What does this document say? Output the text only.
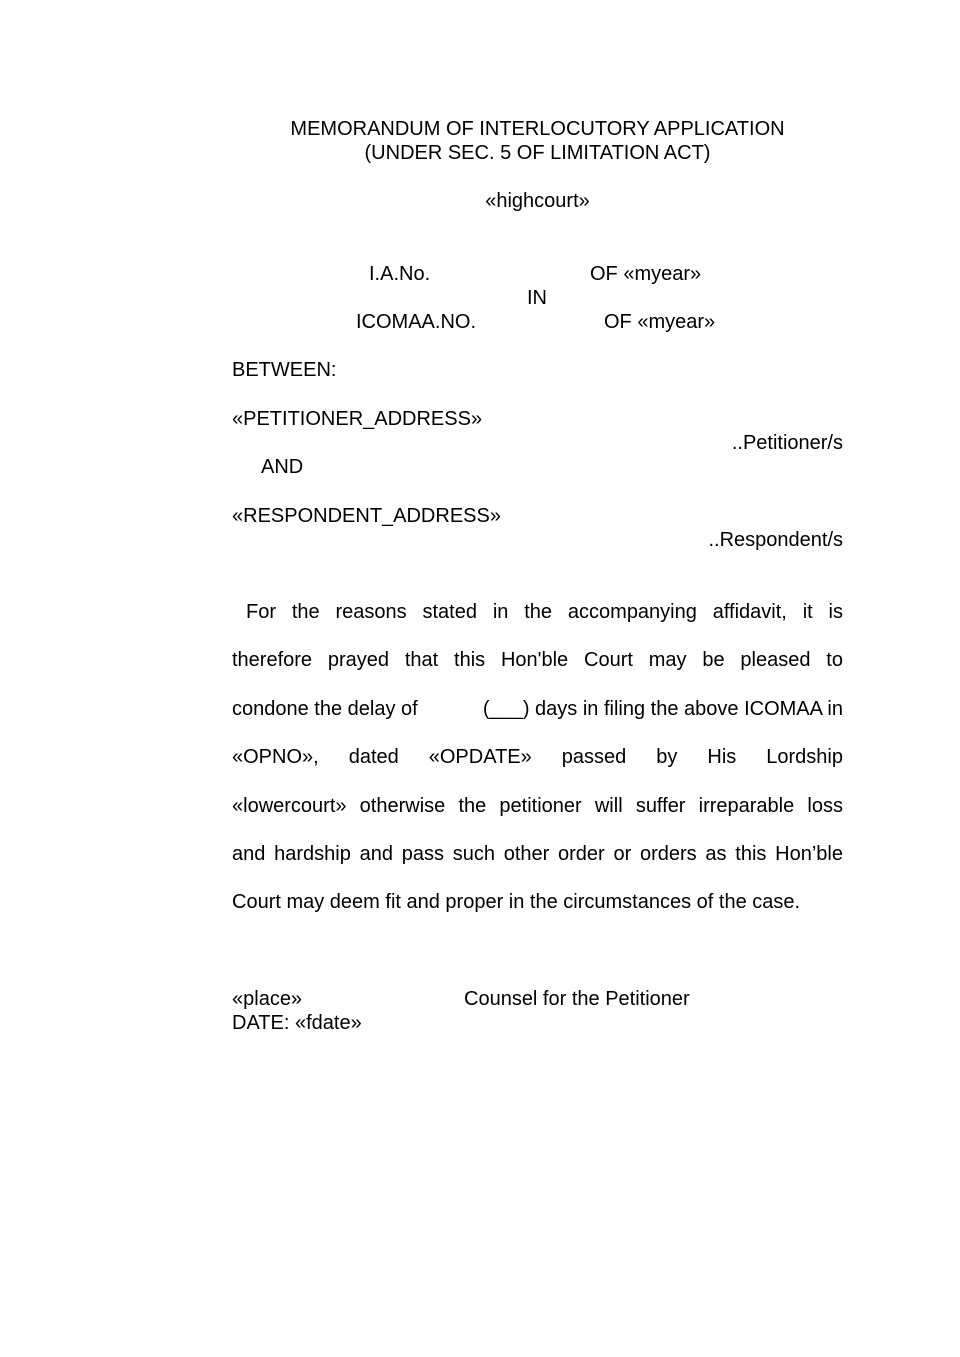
MEMORANDUM OF INTERLOCUTORY APPLICATION
(UNDER SEC. 5 OF LIMITATION ACT)
«highcourt»
I.A.No.	OF «myear»
IN
ICOMAA.NO.	OF «myear»
BETWEEN:
«PETITIONER_ADDRESS»
..Petitioner/s
AND
«RESPONDENT_ADDRESS»
..Respondent/s
For the reasons stated in the accompanying affidavit, it is
therefore prayed that this Hon'ble Court may be pleased to
condone the delay of	(___) days in filing the above ICOMAA in
«OPNO», dated «OPDATE» passed by His Lordship
«lowercourt» otherwise the petitioner will suffer irreparable loss
and hardship and pass such other order or orders as this Hon’ble
Court may deem fit and proper in the circumstances of the case.
«place»	Counsel for the Petitioner
DATE: «fdate»
